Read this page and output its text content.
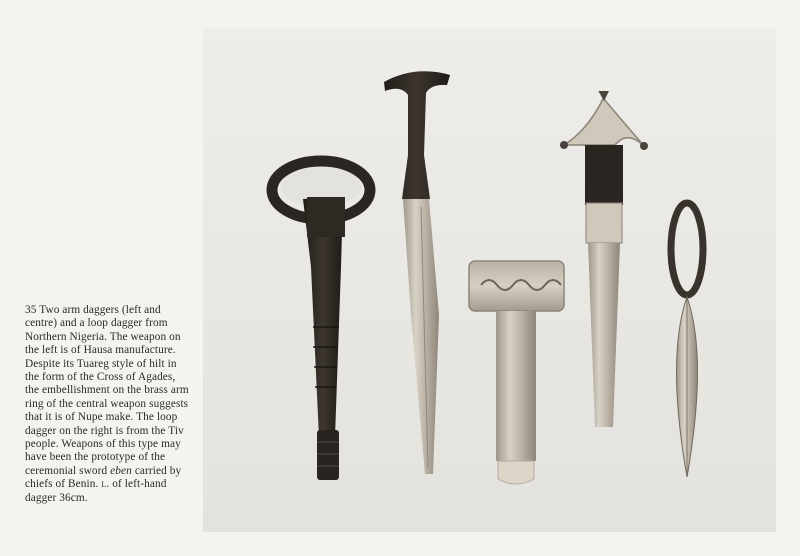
35 Two arm daggers (left and centre) and a loop dagger from Northern Nigeria. The weapon on the left is of Hausa manufacture. Despite its Tuareg style of hilt in the form of the Cross of Agades, the embellishment on the brass arm ring of the central weapon suggests that it is of Nupe make. The loop dagger on the right is from the Tiv people. Weapons of this type may have been the prototype of the ceremonial sword eben carried by chiefs of Benin. l. of left-hand dagger 36cm.
